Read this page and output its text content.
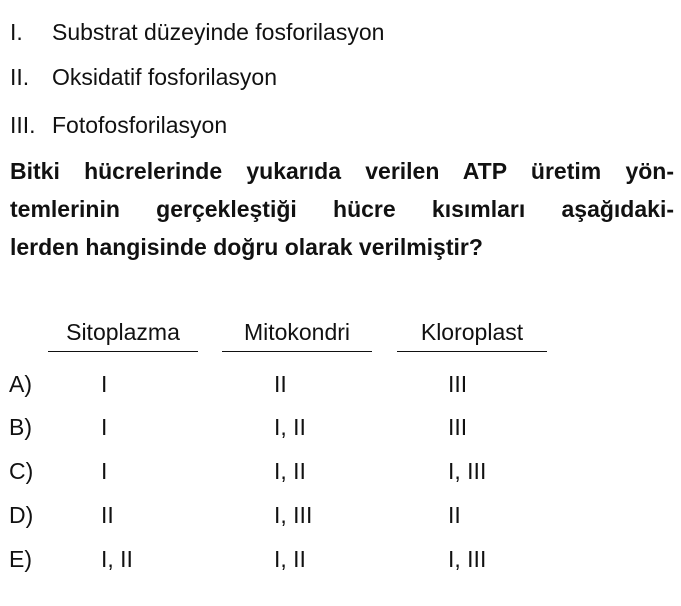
I. Substrat düzeyinde fosforilasyon
II. Oksidatif fosforilasyon
III. Fotofosforilasyon
Bitki hücrelerinde yukarıda verilen ATP üretim yön-
temlerinin gerçekleştiği hücre kısımları aşağıdaki-
lerden hangisinde doğru olarak verilmiştir?
Sitoplazma	Mitokondri	Kloroplast
A)	I	II	III
B)	I	I, II	III
C)	I	I, II	I, III
D)	II	I, III	II
E)	I, II	I, II	I, III
